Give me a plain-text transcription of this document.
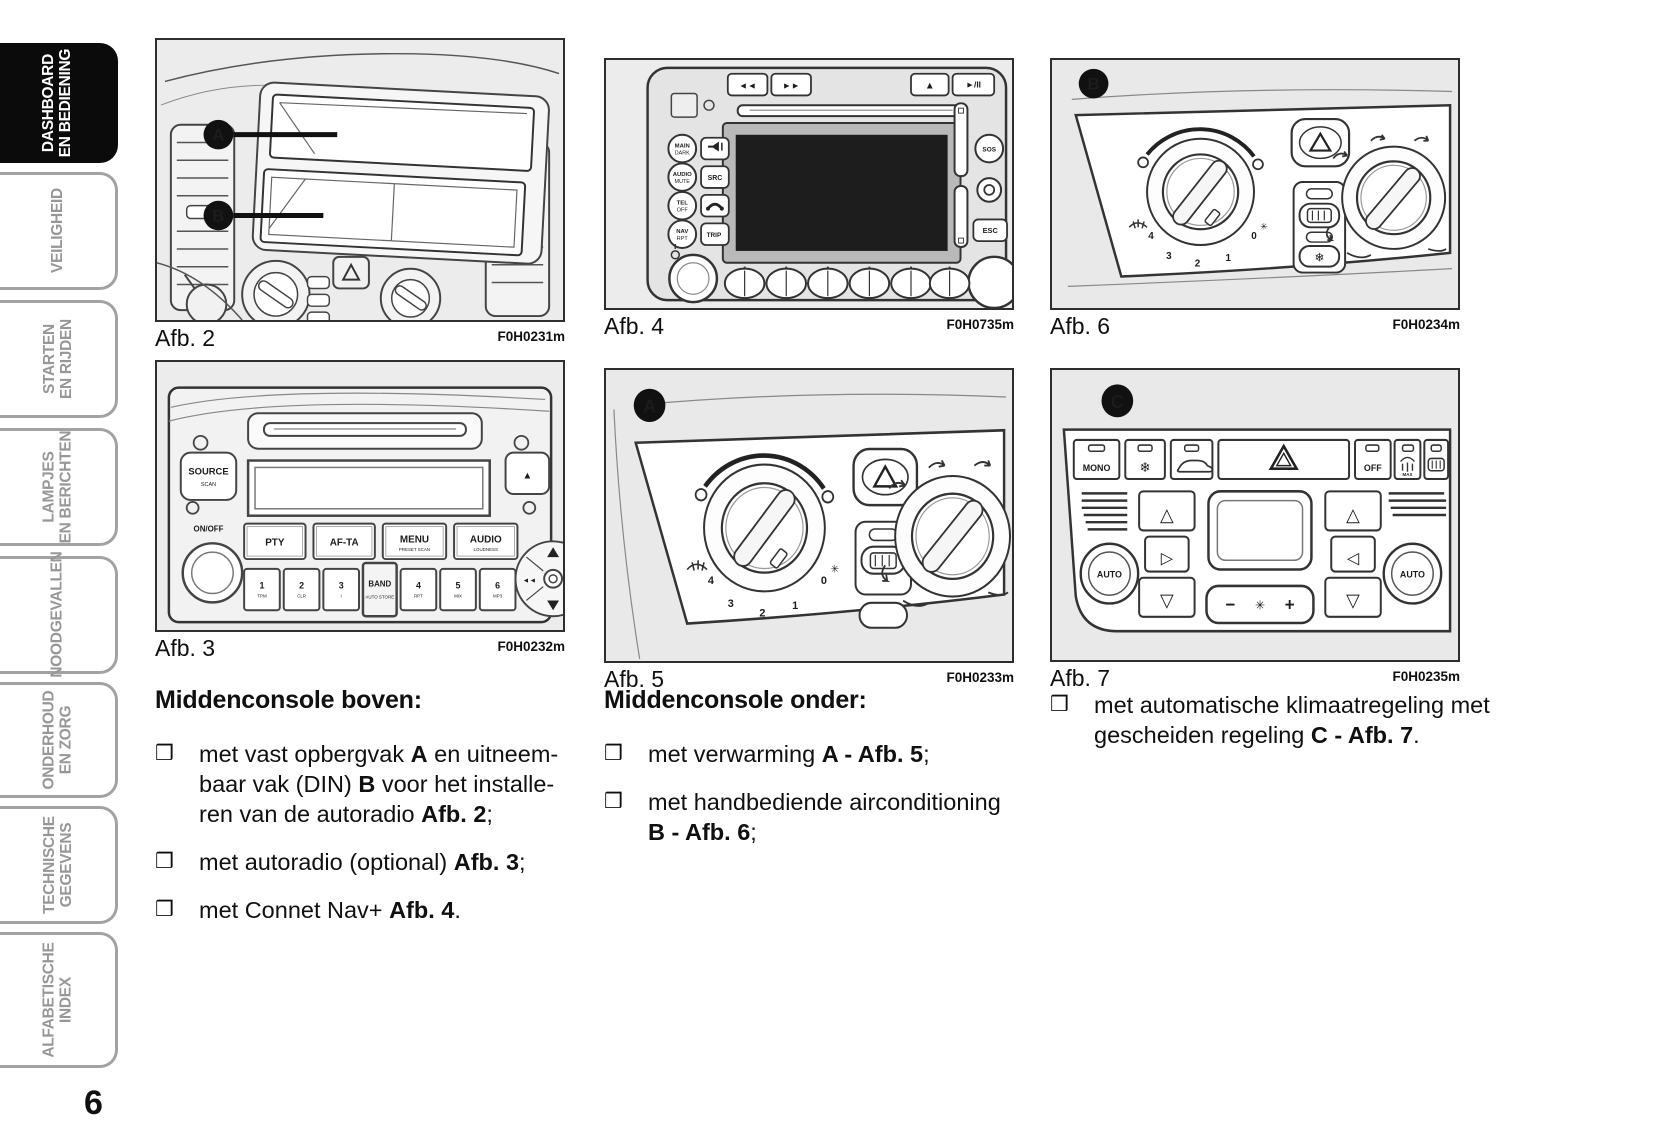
DASHBOARD EN BEDIENING
VEILIGHEID
STARTEN EN RIJDEN
LAMPJES EN BERICHTEN
NOODGEVALLEN
ONDERHOUD EN ZORG
TECHNISCHE GEGEVENS
ALFABETISCHE INDEX
A
B
Afb. 2	F0H0231m
◄◄	►►	▲	►/II
MAIN
DARK
AUDIO
MUTE	SRC
TEL
OFF
NAV
RPT	TRIP
SOS
ESC
Afb. 4	F0H0735m
B
4
3
2
1
0
✳
❄
Afb. 6	F0H0234m
SOURCE
SCAN
▲
ON/OFF
PTY	AF-TA	MENU
PRESET SCAN
AUDIO
LOUDNESS
1
TPM
2
CLR
3
i
BAND
AUTO STORE
4
RPT
5
MIX
6
MP3
◄◄
Afb. 3	F0H0232m
A
4
3
2
1
0
✳
Afb. 5	F0H0233m
C
MONO ❄	OFF
MAX
AUTO
△
▷
▽	− ✳ +
△
◁
▽
AUTO
Afb. 7	F0H0235m
Middenconsole boven:
❒	met vast opbergvak A en uitneem-
baar vak (DIN) B voor het installe-
ren van de autoradio Afb. 2;
❒	met autoradio (optional) Afb. 3;
❒	met Connet Nav+ Afb. 4.
Middenconsole onder:
❒	met verwarming A - Afb. 5;
❒	met handbediende airconditioning
B - Afb. 6;
❒	met automatische klimaatregeling met
gescheiden regeling C - Afb. 7.
6
